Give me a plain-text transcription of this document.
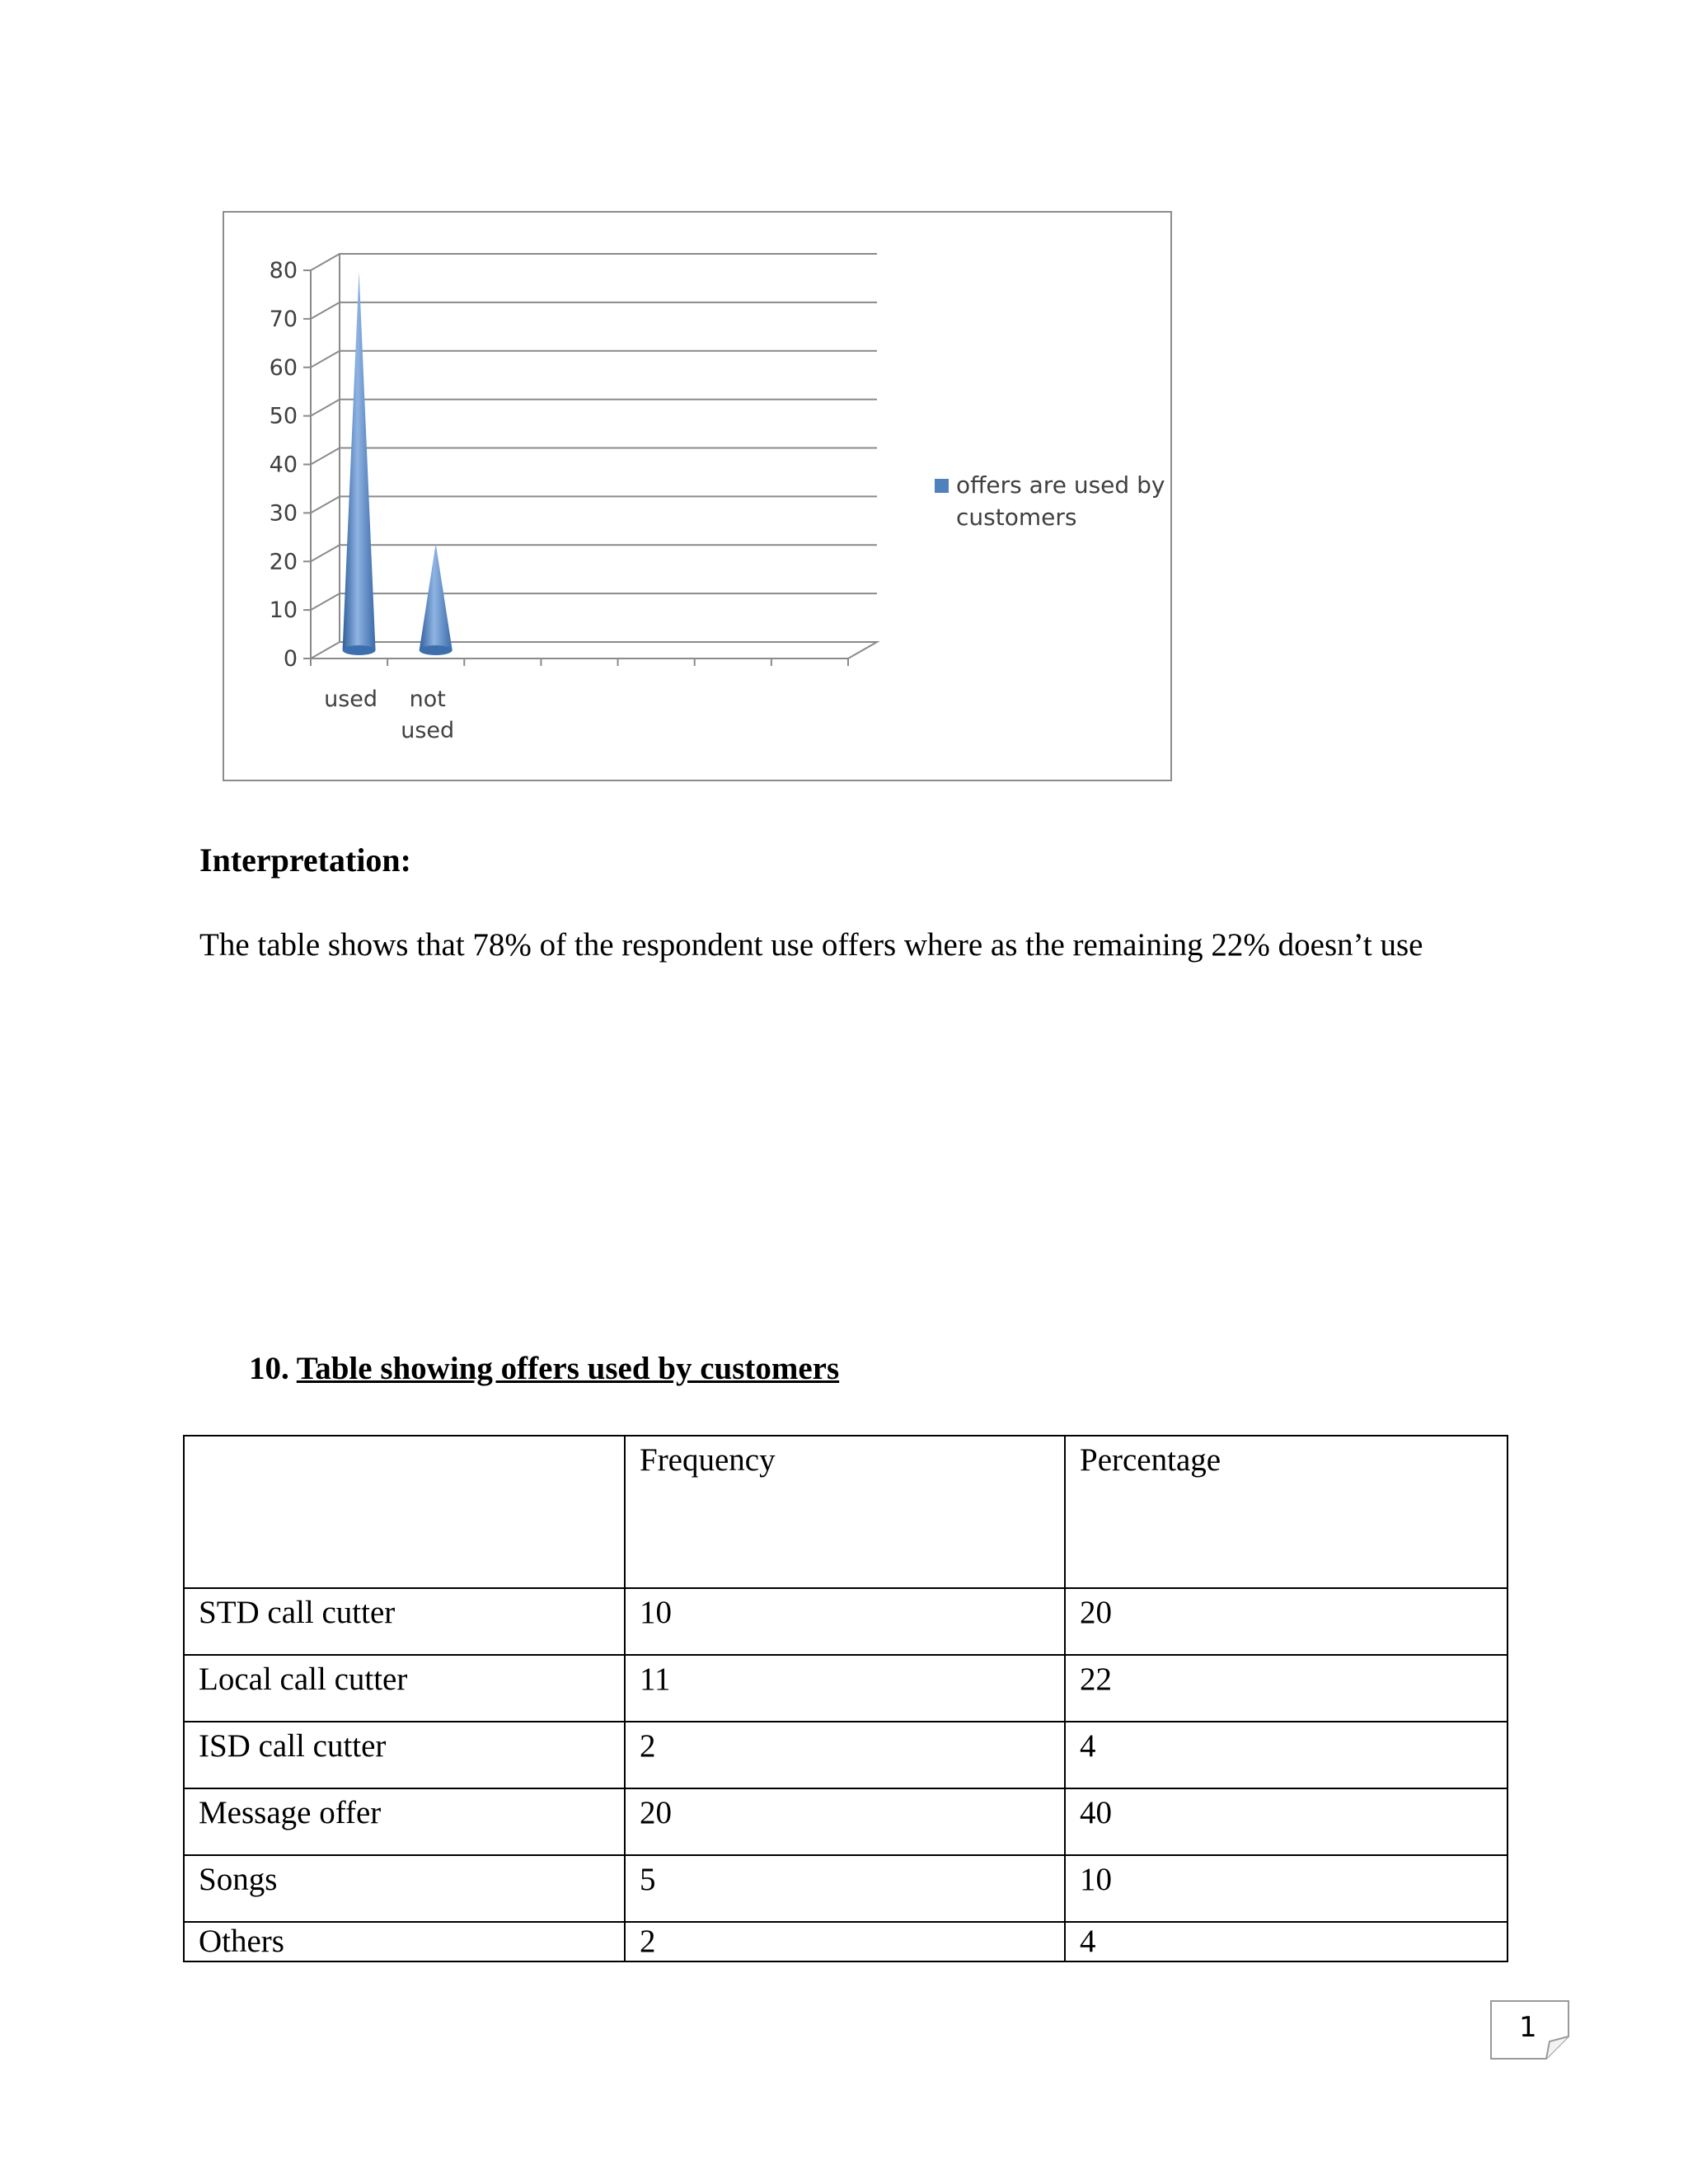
0
10
20
30
40
50
60
70
80
used not
used
offers are used by
customers
Interpretation:
The table shows that 78% of the respondent use offers where as the remaining 22% doesn’t use
10. Table showing offers used by customers
	Frequency	Percentage
STD call cutter	10	20
Local call cutter	11	22
ISD call cutter	2	4
Message offer	20	40
Songs	5	10
Others	2	4
1
